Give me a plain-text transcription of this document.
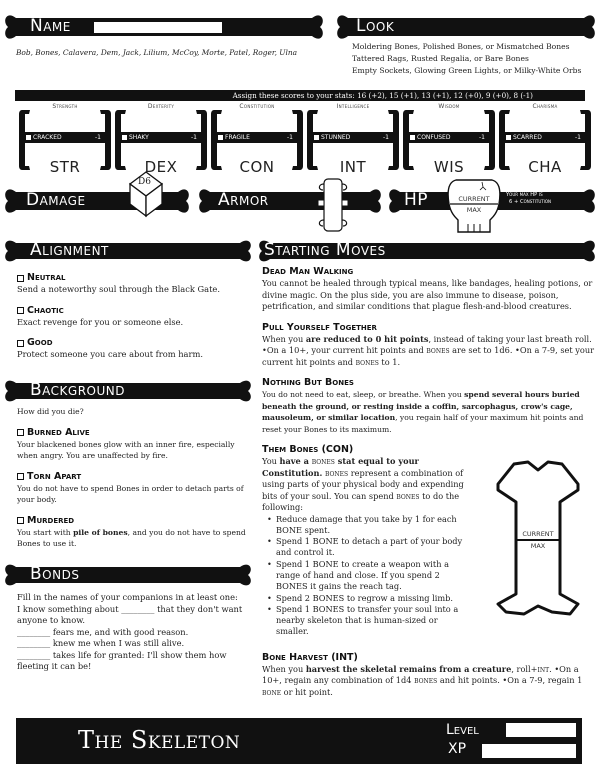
Name
Bob, Bones, Calavera, Dem, Jack, Lilium, McCoy, Morte, Patel, Roger, Ulna
Look
Moldering Bones, Polished Bones, or Mismatched Bones
Tattered Rags, Rusted Regalia, or Bare Bones
Empty Sockets, Glowing Green Lights, or Milky-White Orbs
Assign these scores to your stats: 16 (+2), 15 (+1), 13 (+1), 12 (+0), 9 (+0), 8 (-1)
Strength
CRACKED	-1
STR
Dexterity
SHAKY	-1
DEX
Constitution
FRAGILE	-1
CON
Intelligence
STUNNED	-1
INT
Wisdom
CONFUSED	-1
WIS
Charisma
SCARRED	-1
CHA
Damage
D6
Armor	HP	CURRENT
MAX
Your max HP is
6 + Constitution
Alignment
Neutral
Send a noteworthy soul through the Black Gate.
Chaotic
Exact revenge for you or someone else.
Good
Protect someone you care about from harm.
Background
How did you die?
Burned Alive
Your blackened bones glow with an inner fire, especially when angry. You are unaffected by fire.
Torn Apart
You do not have to spend Bones in order to detach parts of your body.
Murdered
You start with pile of bones, and you do not have to spend Bones to use it.
Bonds
Fill in the names of your companions in at least one:
I know something about ________ that they don't want anyone to know.
________ fears me, and with good reason.
________ knew me when I was still alive.
________ takes life for granted: I'll show them how fleeting it can be!
Starting Moves
Dead Man Walking
You cannot be healed through typical means, like bandages, healing potions, or divine magic. On the plus side, you are also immune to disease, poison, petrification, and similar conditions that plague flesh-and-blood creatures.
Pull Yourself Together
When you are reduced to 0 hit points, instead of taking your last breath roll. •On a 10+, your current hit points and bones are set to 1d6. •On a 7-9, set your current hit points and bones to 1.
Nothing But Bones
You do not need to eat, sleep, or breathe. When you spend several hours buried beneath the ground, or resting inside a coffin, sarcophagus, crow's cage, mausoleum, or similar location, you regain half of your maximum hit points and reset your Bones to its maximum.
Them Bones (CON)
You have a bones stat equal to your Constitution. bones represent a combination of using parts of your physical body and expending bits of your soul. You can spend bones to do the following:
• Reduce damage that you take by 1 for each BONE spent.
• Spend 1 BONE to detach a part of your body and control it.
• Spend 1 BONE to create a weapon with a range of hand and close. If you spend 2 BONES it gains the reach tag.
• Spend 2 BONES to regrow a missing limb.
• Spend 1 BONES to transfer your soul into a nearby skeleton that is human-sized or smaller.
Bone Harvest (INT)
When you harvest the skeletal remains from a creature, roll+int. •On a 10+, regain any combination of 1d4 bones and hit points. •On a 7-9, regain 1 bone or hit point.
CURRENT
MAX
The Skeleton	Level
XP
